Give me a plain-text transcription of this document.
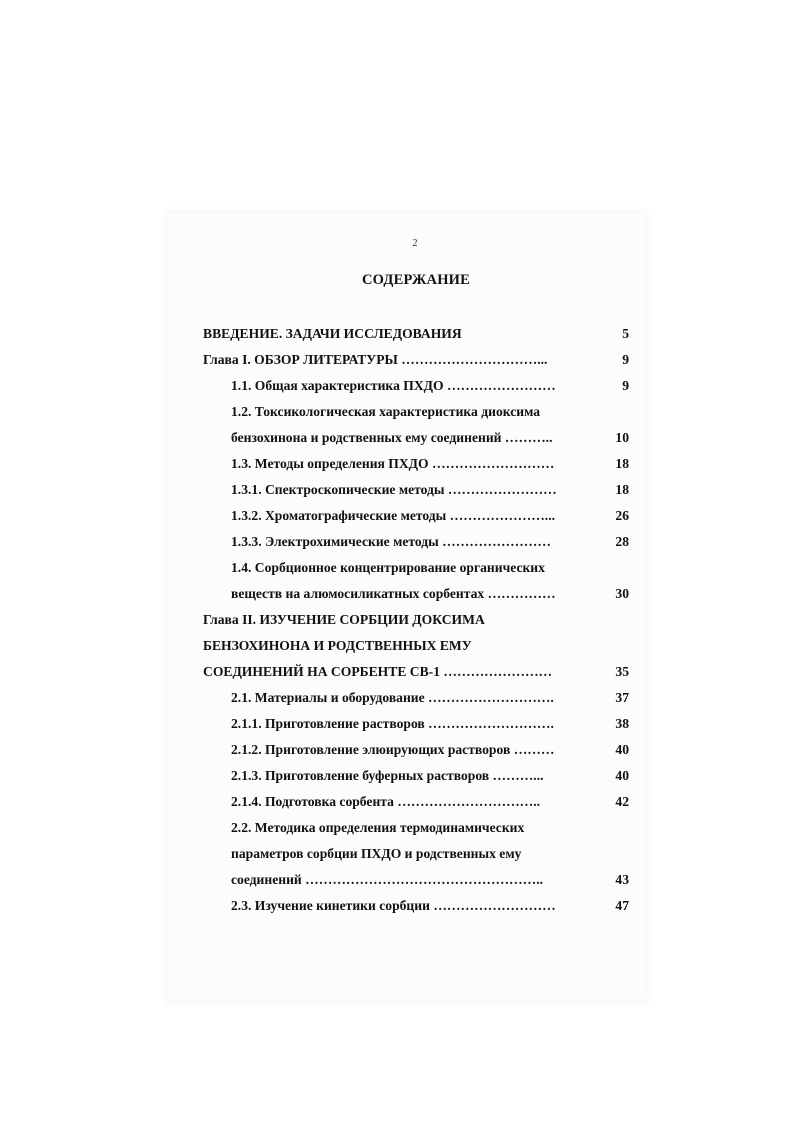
2
СОДЕРЖАНИЕ
ВВЕДЕНИЕ. ЗАДАЧИ ИССЛЕДОВАНИЯ	5
Глава I. ОБЗОР ЛИТЕРАТУРЫ …………………………...	9
1.1. Общая характеристика ПХДО ……………………	9
1.2. Токсикологическая характеристика диоксима
бензохинона и родственных ему соединений ………..	10
1.3. Методы определения ПХДО ………………………	18
1.3.1. Спектроскопические методы ……………………	18
1.3.2. Хроматографические методы …………………...	26
1.3.3. Электрохимические методы ……………………	28
1.4. Сорбционное концентрирование органических
веществ на алюмосиликатных сорбентах ……………	30
Глава II. ИЗУЧЕНИЕ СОРБЦИИ ДОКСИМА
БЕНЗОХИНОНА И РОДСТВЕННЫХ ЕМУ
СОЕДИНЕНИЙ НА СОРБЕНТЕ СВ-1 ……………………	35
2.1. Материалы и оборудование ……………………….	37
2.1.1. Приготовление растворов ……………………….	38
2.1.2. Приготовление элюирующих растворов ………	40
2.1.3. Приготовление буферных растворов ………...	40
2.1.4. Подготовка сорбента …………………………..	42
2.2. Методика определения термодинамических
параметров сорбции ПХДО и родственных ему
соединений ……………………………………………..	43
2.3. Изучение кинетики сорбции ………………………	47
